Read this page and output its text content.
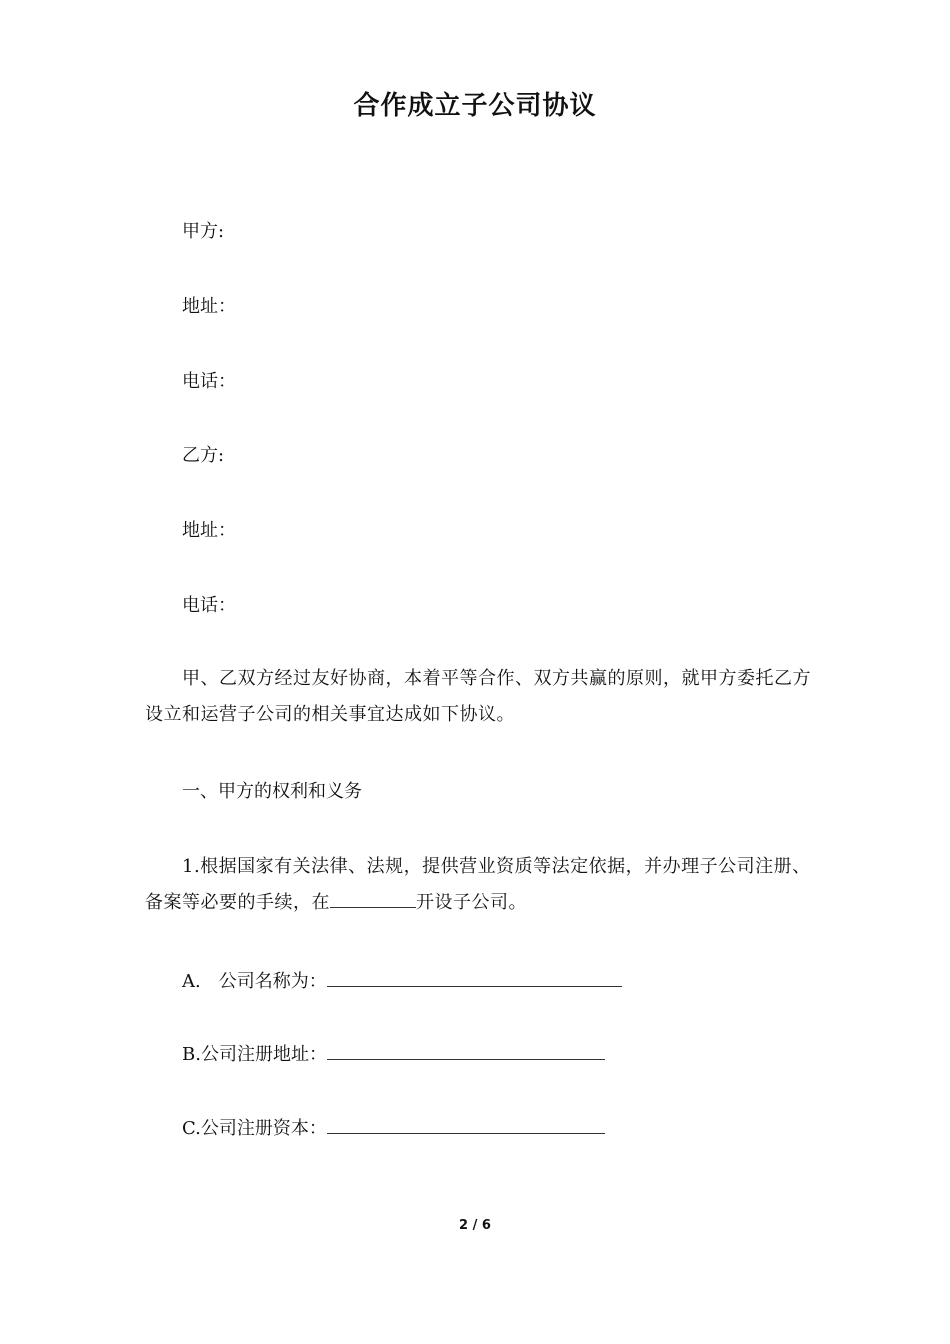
合作成立子公司协议
甲方:
地址：
电话：
乙方:
地址：
电话：
甲、乙双方经过友好协商，本着平等合作、双方共赢的原则，就甲方委托乙方设立和运营子公司的相关事宜达成如下协议。
一、甲方的权利和义务
1.根据国家有关法律、法规，提供营业资质等法定依据，并办理子公司注册、备案等必要的手续，在	开设子公司。
A.　公司名称为：
B.公司注册地址：
C.公司注册资本：
2 / 6
